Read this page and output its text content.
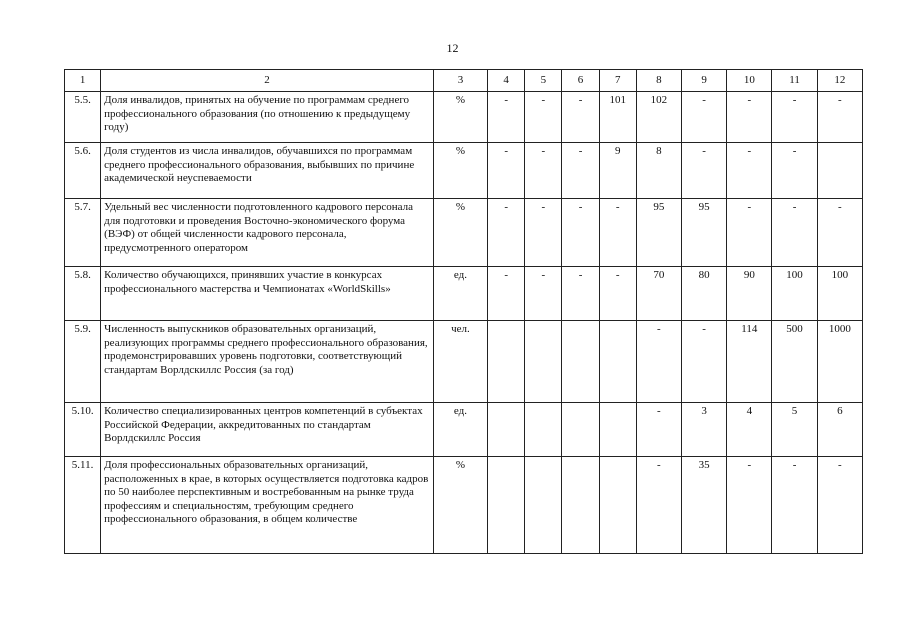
12
1	2	3	4	5	6	7	8	9	10	11	12
5.5.	Доля инвалидов, принятых на обучение по программам среднего профессионального образования (по отношению к предыдущему году)	%	-	-	-	101	102	-	-	-	-
5.6.	Доля студентов из числа инвалидов, обучавшихся по программам среднего профессионального образования, выбывших по причине академической неуспеваемости	%	-	-	-	9	8	-	-	-	
5.7.	Удельный вес численности подготовленного кадрового персонала для подготовки и проведения Восточно-экономического форума (ВЭФ) от общей численности кадрового персонала, предусмотренного оператором	%	-	-	-	-	95	95	-	-	-
5.8.	Количество обучающихся, принявших участие в конкурсах профессионального мастерства и Чемпионатах «WorldSkills»	ед.	-	-	-	-	70	80	90	100	100
5.9.	Численность выпускников образовательных организаций, реализующих программы среднего профессионального образования, продемонстрировавших уровень подготовки, соответствующий стандартам Ворлдскиллс Россия (за год)	чел.					-	-	114	500	1000
5.10.	Количество специализированных центров компетенций в субъектах Российской Федерации, аккредитованных по стандартам Ворлдскиллс Россия	ед.					-	3	4	5	6
5.11.	Доля профессиональных образовательных организаций, расположенных в крае, в которых осуществляется подготовка кадров по 50 наиболее перспективным и востребованным на рынке труда профессиям и специальностям, требующим среднего профессионального образования, в общем количестве	%					-	35	-	-	-
